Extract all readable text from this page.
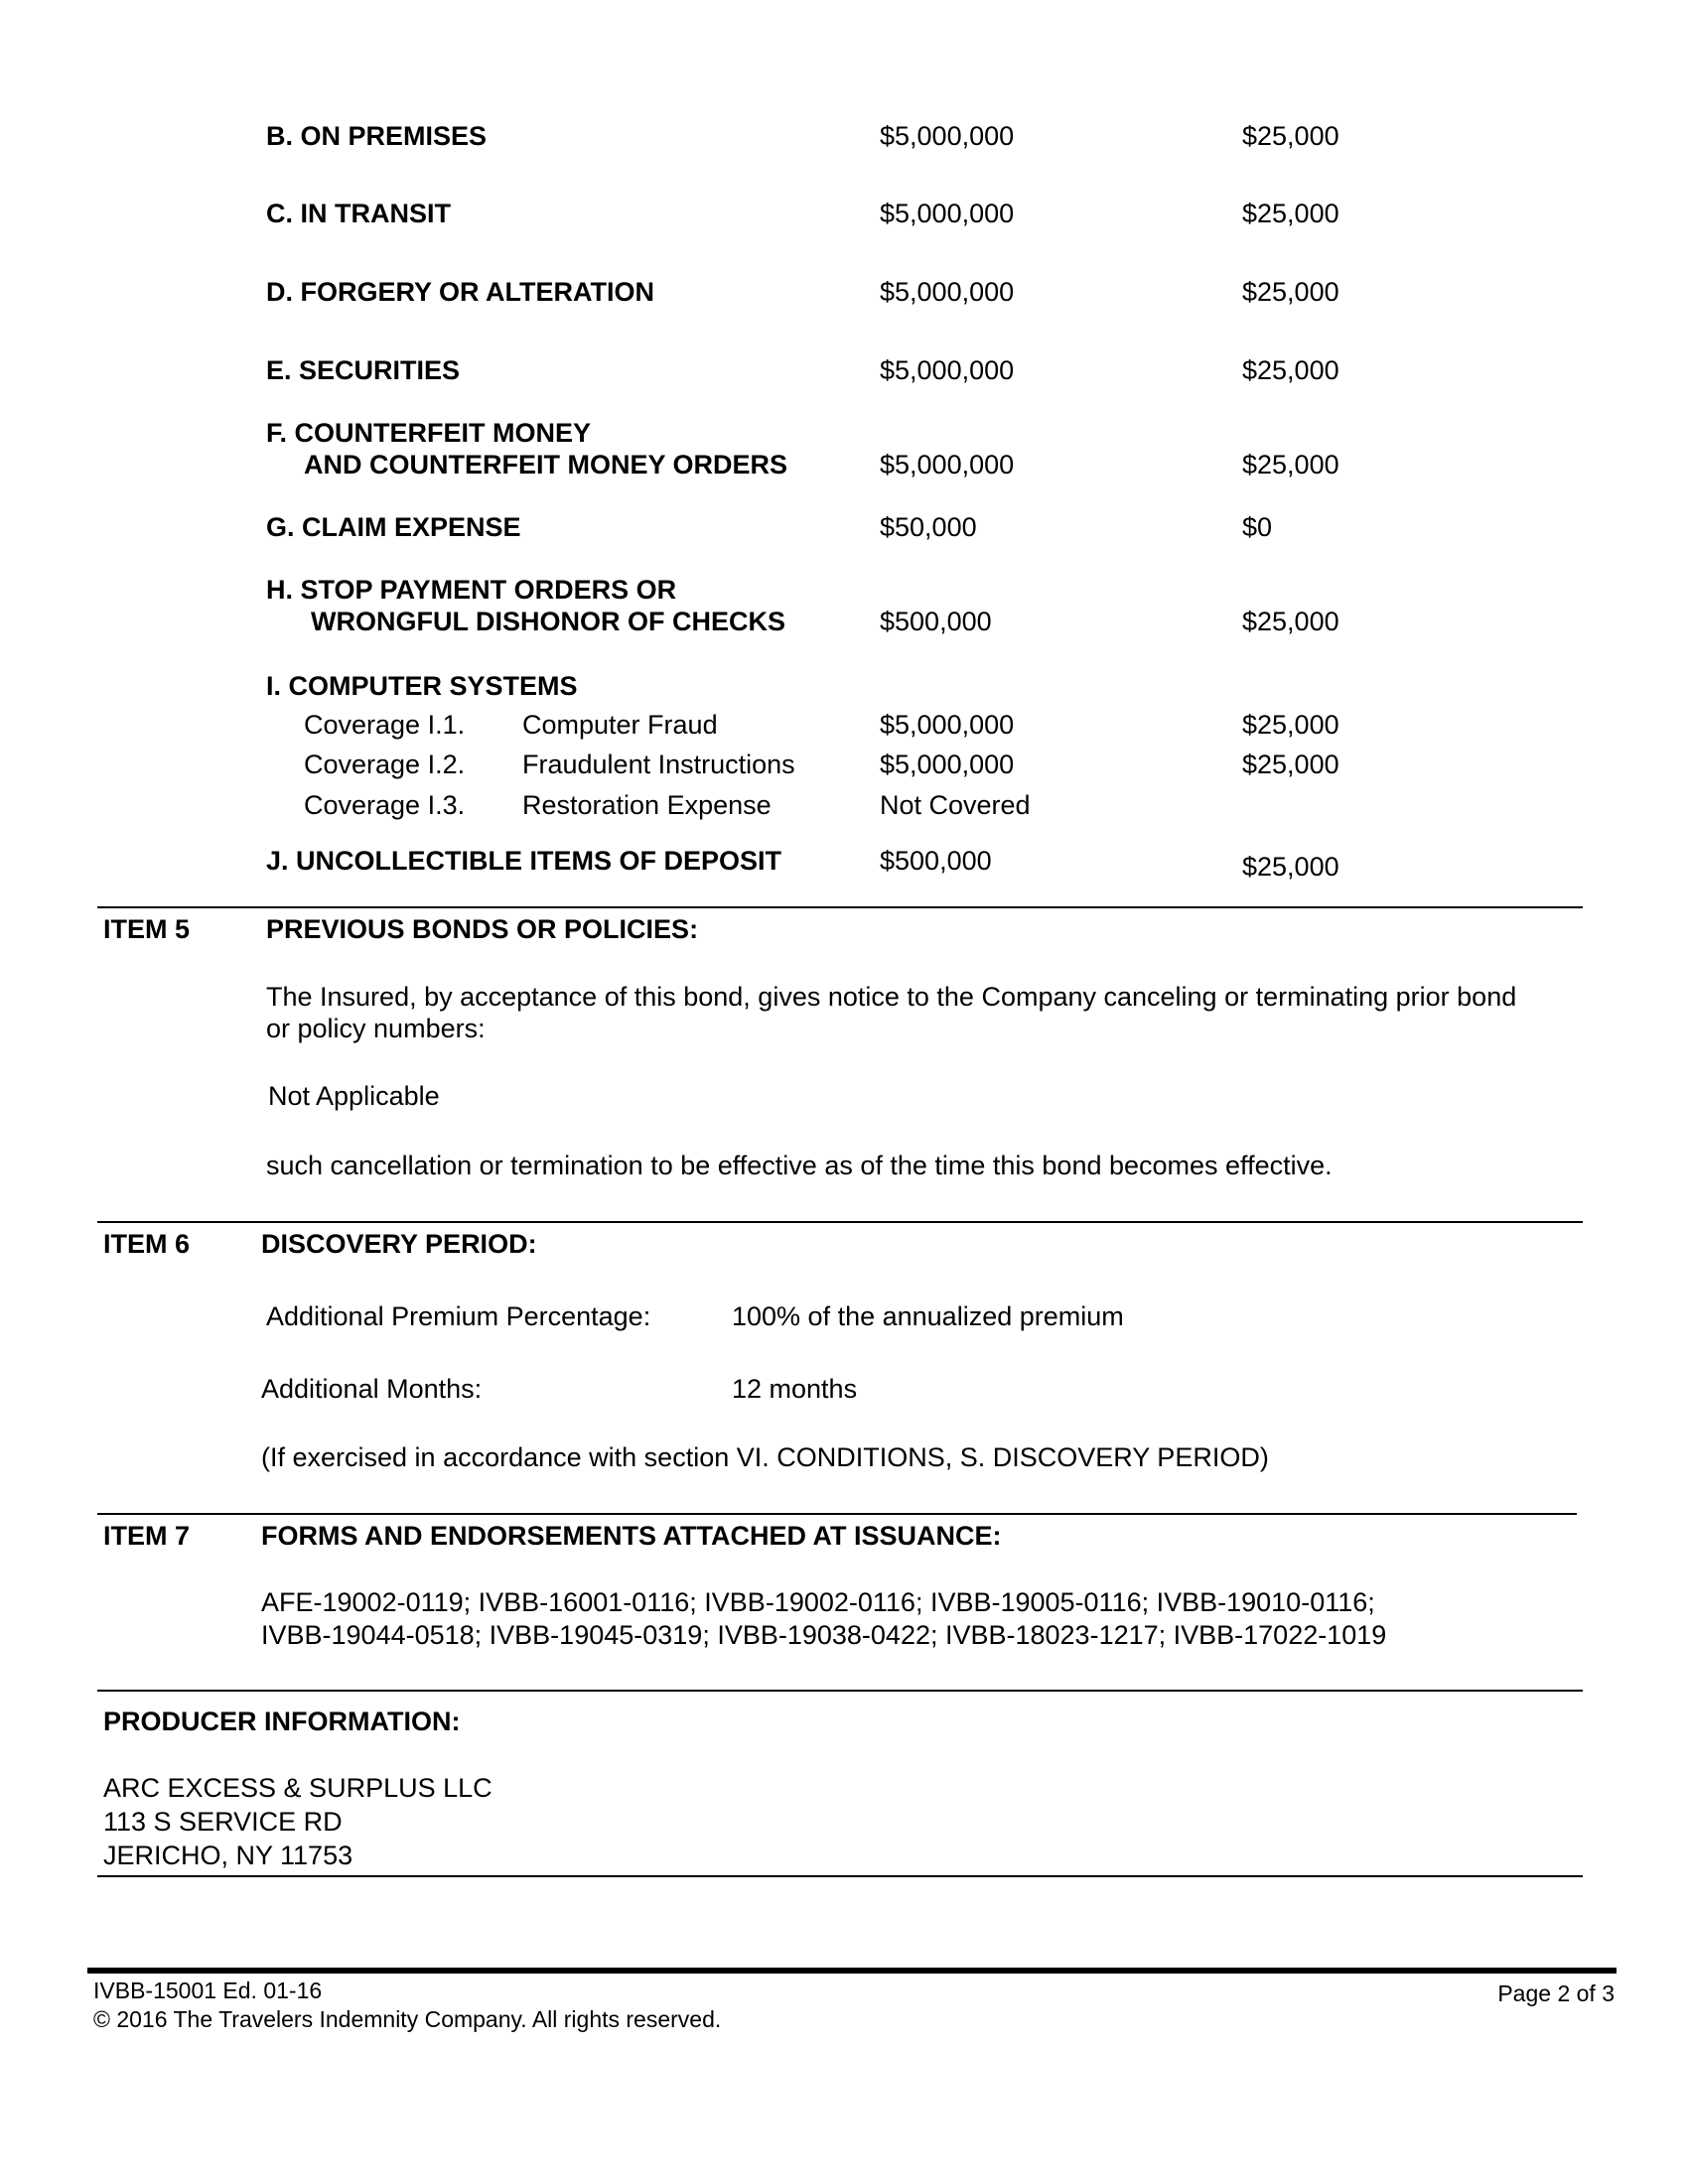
B. ON PREMISES	$5,000,000	$25,000
C. IN TRANSIT	$5,000,000	$25,000
D. FORGERY OR ALTERATION	$5,000,000	$25,000
E. SECURITIES	$5,000,000	$25,000
F. COUNTERFEIT MONEY
AND COUNTERFEIT MONEY ORDERS	$5,000,000	$25,000
G. CLAIM EXPENSE	$50,000	$0
H. STOP PAYMENT ORDERS OR
WRONGFUL DISHONOR OF CHECKS	$500,000	$25,000
I. COMPUTER SYSTEMS
Coverage I.1. Computer Fraud	$5,000,000	$25,000
Coverage I.2. Fraudulent Instructions	$5,000,000	$25,000
Coverage I.3. Restoration Expense	Not Covered
J. UNCOLLECTIBLE ITEMS OF DEPOSIT	$500,000	$25,000
ITEM 5	PREVIOUS BONDS OR POLICIES:
The Insured, by acceptance of this bond, gives notice to the Company canceling or terminating prior bond
or policy numbers:
Not Applicable
such cancellation or termination to be effective as of the time this bond becomes effective.
ITEM 6	DISCOVERY PERIOD:
Additional Premium Percentage:	100% of the annualized premium
Additional Months:	12 months
(If exercised in accordance with section VI. CONDITIONS, S. DISCOVERY PERIOD)
ITEM 7	FORMS AND ENDORSEMENTS ATTACHED AT ISSUANCE:
AFE-19002-0119; IVBB-16001-0116; IVBB-19002-0116; IVBB-19005-0116; IVBB-19010-0116;
IVBB-19044-0518; IVBB-19045-0319; IVBB-19038-0422; IVBB-18023-1217; IVBB-17022-1019
PRODUCER INFORMATION:
ARC EXCESS & SURPLUS LLC
113 S SERVICE RD
JERICHO, NY 11753
IVBB-15001 Ed. 01-16
© 2016 The Travelers Indemnity Company. All rights reserved.
Page 2 of 3
